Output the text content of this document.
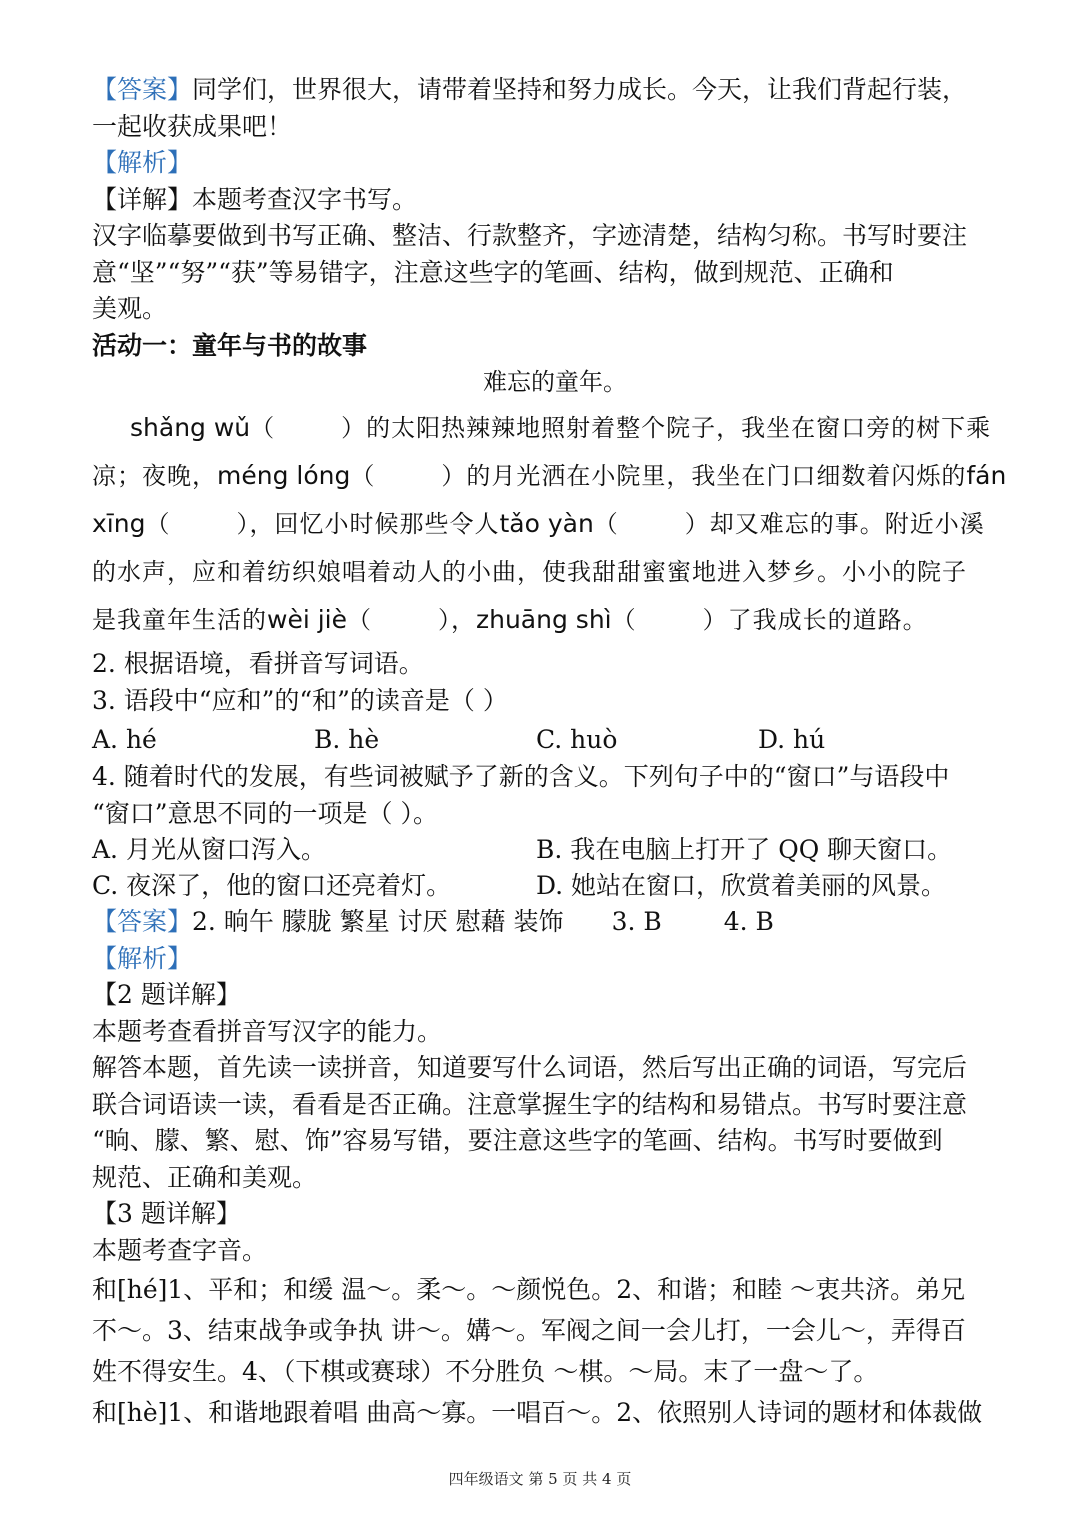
【答案】同学们，世界很大，请带着坚持和努力成长。今天，让我们背起行装，

一起收获成果吧！

【解析】

【详解】本题考查汉字书写。

汉字临摹要做到书写正确、整洁、行款整齐，字迹清楚，结构匀称。书写时要注

意“坚”“努”“获”等易错字，注意这些字的笔画、结构，做到规范、正确和

美观。

活动一：童年与书的故事

难忘的童年。

shǎng wǔ（	）的太阳热辣辣地照射着整个院子，我坐在窗口旁的树下乘

凉；夜晚，méng lóng（	）的月光洒在小院里，我坐在门口细数着闪烁的fán

xīng（	），回忆小时候那些令人tǎo yàn（	）却又难忘的事。附近小溪

的水声，应和着纺织娘唱着动人的小曲，使我甜甜蜜蜜地进入梦乡。小小的院子

是我童年生活的wèi jiè（	），zhuāng shì（	）了我成长的道路。

2. 根据语境，看拼音写词语。

3. 语段中“应和”的“和”的读音是（ ）

A. hé	B. hè	C. huò	D. hú

4. 随着时代的发展，有些词被赋予了新的含义。下列句子中的“窗口”与语段中

“窗口”意思不同的一项是（ ）。

A. 月光从窗口泻入。	B. 我在电脑上打开了 QQ 聊天窗口。
C. 夜深了，他的窗口还亮着灯。	D. 她站在窗口，欣赏着美丽的风景。

【答案】2. 晌午 朦胧 繁星 讨厌 慰藉 装饰 3. B 4. B

【解析】

【2 题详解】

本题考查看拼音写汉字的能力。

解答本题，首先读一读拼音，知道要写什么词语，然后写出正确的词语，写完后

联合词语读一读，看看是否正确。注意掌握生字的结构和易错点。书写时要注意

“晌、朦、繁、慰、饰”容易写错，要注意这些字的笔画、结构。书写时要做到

规范、正确和美观。

【3 题详解】

本题考查字音。

和[hé]1、平和；和缓 温～。柔～。～颜悦色。2、和谐；和睦 ～衷共济。弟兄

不～。3、结束战争或争执 讲～。媾～。军阀之间一会儿打，一会儿～，弄得百

姓不得安生。4、（下棋或赛球）不分胜负 ～棋。～局。末了一盘～了。

和[hè]1、和谐地跟着唱 曲高～寡。一唱百～。2、依照别人诗词的题材和体裁做

四年级语文 第 5 页 共 4 页
